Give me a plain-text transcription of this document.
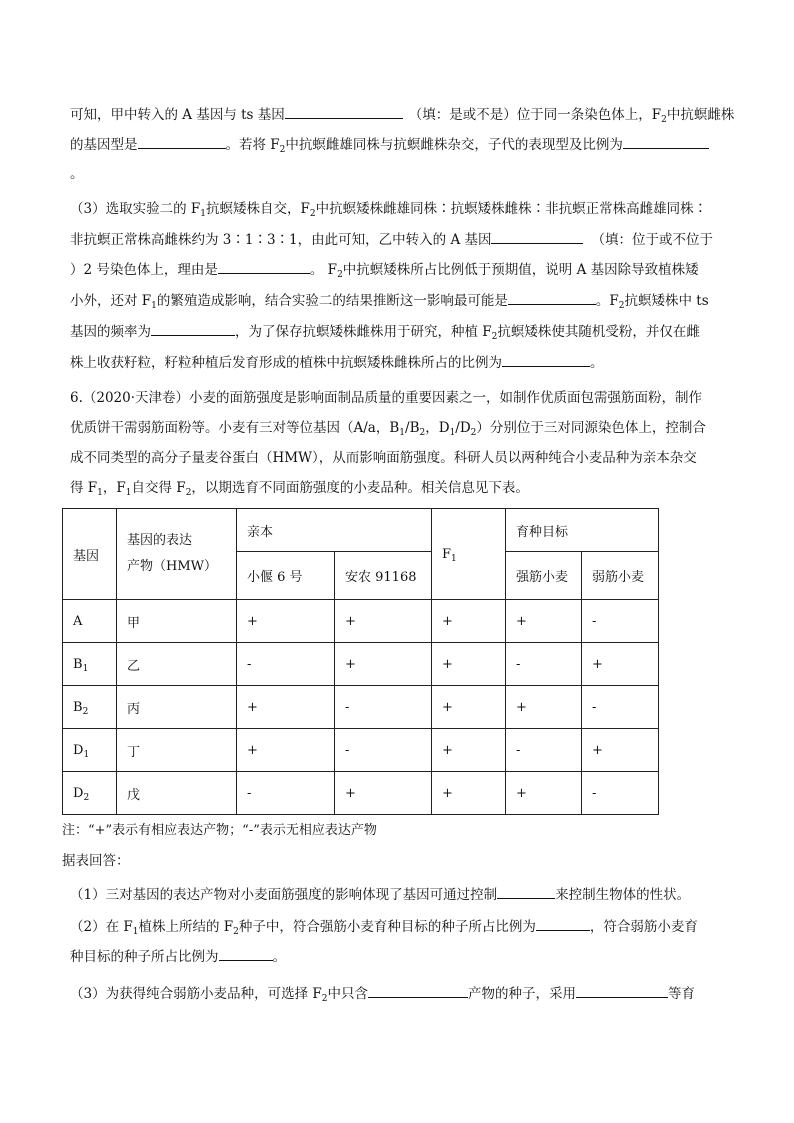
可知，甲中转入的 A 基因与 ts 基因	（填：是或不是）位于同一条染色体上，$F_2$中抗螟雌株
的基因型是	。若将 $F_2$中抗螟雌雄同株与抗螟雌株杂交，子代的表现型及比例为
。
（3）选取实验二的 $F_1$抗螟矮株自交，$F_2$中抗螟矮株雌雄同株∶抗螟矮株雌株∶非抗螟正常株高雌雄同株∶
非抗螟正常株高雌株约为 3∶1∶3∶1，由此可知，乙中转入的 A 基因	（填：位于或不位于
）2 号染色体上，理由是	。 $F_2$中抗螟矮株所占比例低于预期值，说明 A 基因除导致植株矮
小外，还对 $F_1$的繁殖造成影响，结合实验二的结果推断这一影响最可能是	。$F_2$抗螟矮株中 ts
基因的频率为	，为了保存抗螟矮株雌株用于研究，种植 $F_2$抗螟矮株使其随机受粉，并仅在雌
株上收获籽粒，籽粒种植后发育形成的植株中抗螟矮株雌株所占的比例为	。
6.（2020·天津卷）小麦的面筋强度是影响面制品质量的重要因素之一，如制作优质面包需强筋面粉，制作
优质饼干需弱筋面粉等。小麦有三对等位基因（A/a，$B_1/B_2$，$D_1/D_2$）分别位于三对同源染色体上，控制合
成不同类型的高分子量麦谷蛋白（HMW），从而影响面筋强度。科研人员以两种纯合小麦品种为亲本杂交
得 $F_1$，$F_1$自交得 $F_2$，以期选育不同面筋强度的小麦品种。相关信息见下表。
基因	基因的表达
产物（HMW）	亲本		$F_1$	育种目标	
		小偃 6 号	安农 91168		强筋小麦	弱筋小麦
A	甲	+	+	+	+	-
$B_1$	乙	-	+	+	-	+
$B_2$	丙	+	-	+	+	-
$D_1$	丁	+	-	+	-	+
$D_2$	戊	-	+	+	+	-
注：“+”表示有相应表达产物；“-”表示无相应表达产物
据表回答：
（1）三对基因的表达产物对小麦面筋强度的影响体现了基因可通过控制	来控制生物体的性状。
（2）在 $F_1$植株上所结的 $F_2$种子中，符合强筋小麦育种目标的种子所占比例为	，符合弱筋小麦育
种目标的种子所占比例为	。
（3）为获得纯合弱筋小麦品种，可选择 $F_2$中只含	产物的种子，采用	等育
